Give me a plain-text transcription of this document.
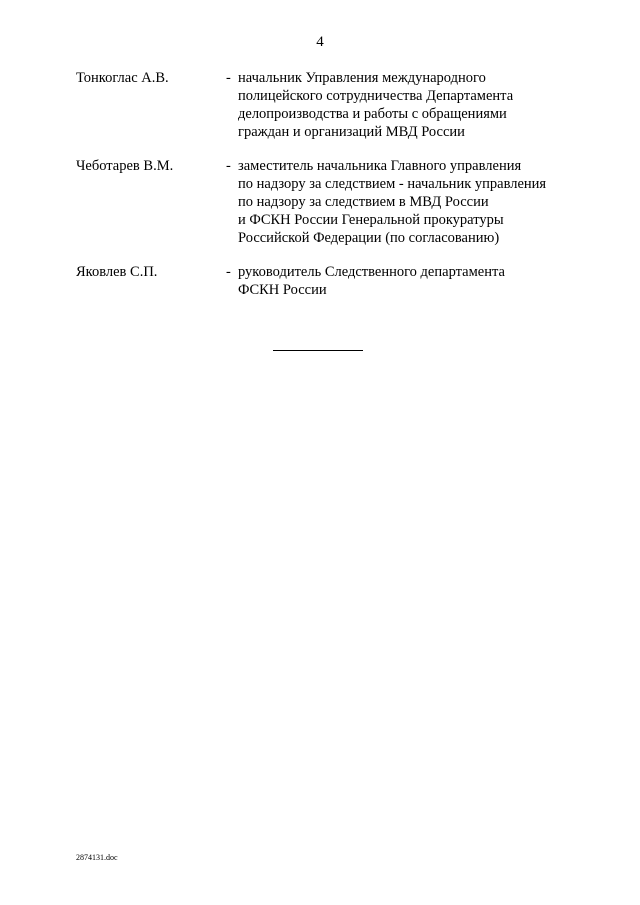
4
Тонкоглас А.В.	- начальник Управления международного
полицейского сотрудничества Департамента
делопроизводства и работы с обращениями
граждан и организаций МВД России
Чеботарев В.М.	- заместитель начальника Главного управления
по надзору за следствием - начальник управления
по надзору за следствием в МВД России
и ФСКН России Генеральной прокуратуры
Российской Федерации (по согласованию)
Яковлев С.П.	- руководитель Следственного департамента
ФСКН России
2874131.doc
